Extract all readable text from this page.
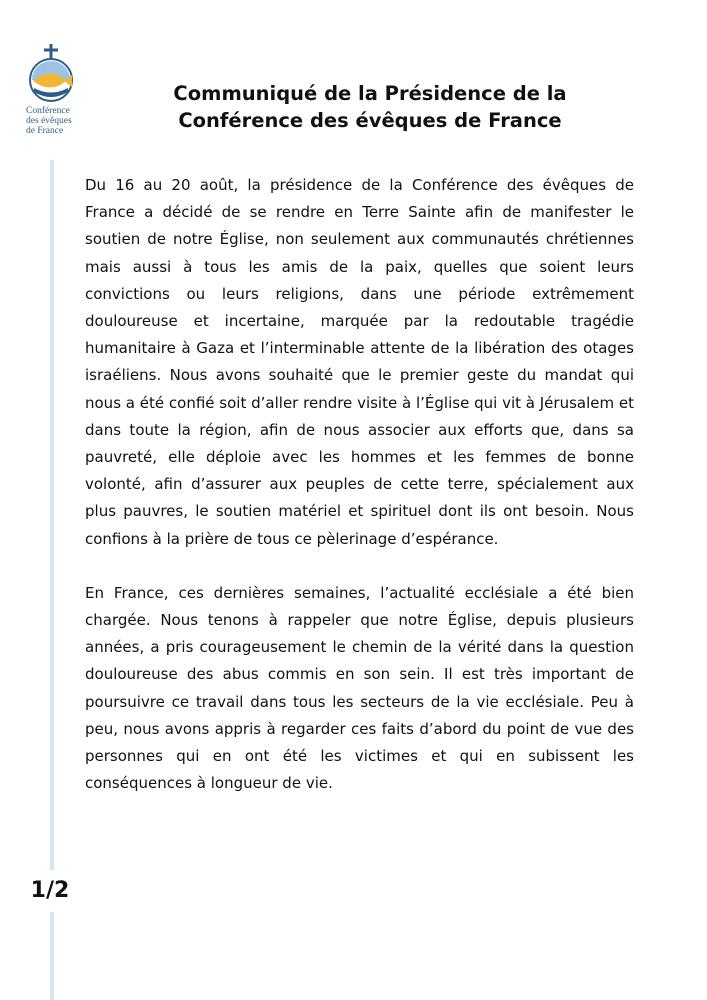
Conférence
des évêques
de France
Communiqué de la Présidence de la
Conférence des évêques de France
1/2

Du 16 au 20 août, la présidence de la Conférence des évêques de France a décidé de se rendre en Terre Sainte afin de manifester le soutien de notre Église, non seulement aux communautés chrétiennes mais aussi à tous les amis de la paix, quelles que soient leurs convictions ou leurs religions, dans une période extrêmement douloureuse et incertaine, marquée par la redoutable tragédie humanitaire à Gaza et l’interminable attente de la libération des otages israéliens. Nous avons souhaité que le premier geste du mandat qui nous a été confié soit d’aller rendre visite à l’Église qui vit à Jérusalem et dans toute la région, afin de nous associer aux efforts que, dans sa pauvreté, elle déploie avec les hommes et les femmes de bonne volonté, afin d’assurer aux peuples de cette terre, spécialement aux plus pauvres, le soutien matériel et spirituel dont ils ont besoin. Nous confions à la prière de tous ce pèlerinage d’espérance.

En France, ces dernières semaines, l’actualité ecclésiale a été bien chargée. Nous tenons à rappeler que notre Église, depuis plusieurs années, a pris courageusement le chemin de la vérité dans la question douloureuse des abus commis en son sein. Il est très important de poursuivre ce travail dans tous les secteurs de la vie ecclésiale. Peu à peu, nous avons appris à regarder ces faits d’abord du point de vue des personnes qui en ont été les victimes et qui en subissent les conséquences à longueur de vie.
